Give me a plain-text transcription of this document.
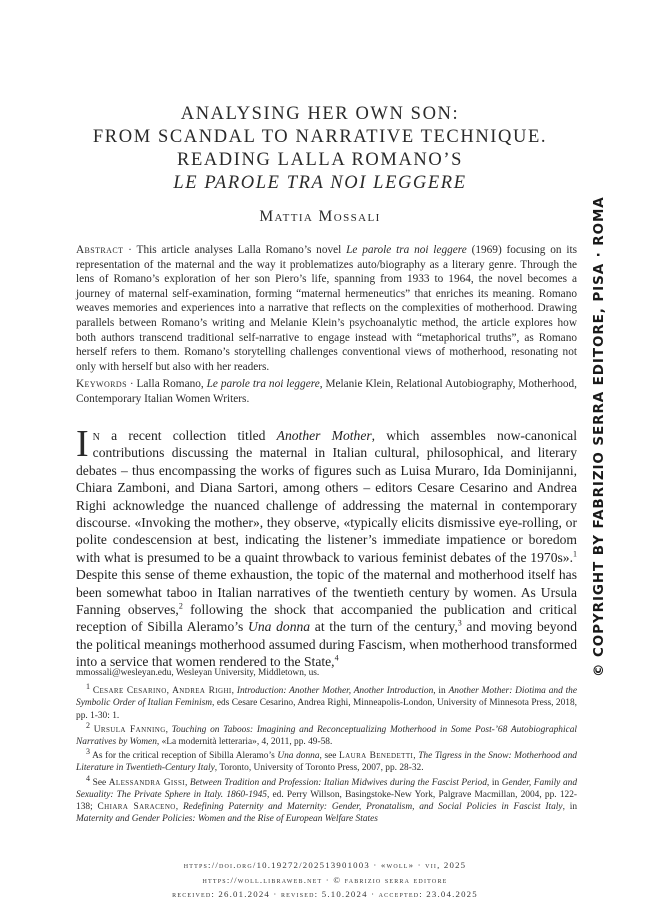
ANALYSING HER OWN SON:
FROM SCANDAL TO NARRATIVE TECHNIQUE.
READING LALLA ROMANO’S
LE PAROLE TRA NOI LEGGERE
Mattia Mossali
Abstract · This article analyses Lalla Romano’s novel Le parole tra noi leggere (1969) focusing on its representation of the maternal and the way it problematizes auto/biography as a literary genre. Through the lens of Romano’s exploration of her son Piero’s life, spanning from 1933 to 1964, the novel becomes a journey of maternal self-examination, forming “maternal hermeneutics” that enriches its meaning. Romano weaves memories and experiences into a narrative that reflects on the complexities of motherhood. Drawing parallels between Romano’s writing and Melanie Klein’s psychoanalytic method, the article explores how both authors transcend traditional self-narrative to engage instead with “metaphorical truths”, as Romano herself refers to them. Romano’s storytelling challenges conventional views of motherhood, resonating not only with herself but also with her readers.
Keywords · Lalla Romano, Le parole tra noi leggere, Melanie Klein, Relational Autobiography, Motherhood, Contemporary Italian Women Writers.
In a recent collection titled Another Mother, which assembles now-canonical contributions discussing the maternal in Italian cultural, philosophical, and literary debates – thus encompassing the works of figures such as Luisa Muraro, Ida Dominijanni, Chiara Zamboni, and Diana Sartori, among others – editors Cesare Cesarino and Andrea Righi acknowledge the nuanced challenge of addressing the maternal in contemporary discourse. «Invoking the mother», they observe, «typically elicits dismissive eye-rolling, or polite condescension at best, indicating the listener’s immediate impatience or boredom with what is presumed to be a quaint throwback to various feminist debates of the 1970s».$^1$ Despite this sense of theme exhaustion, the topic of the maternal and motherhood itself has been somewhat taboo in Italian narratives of the twentieth century by women. As Ursula Fanning observes,$^2$ following the shock that accompanied the publication and critical reception of Sibilla Aleramo’s Una donna at the turn of the century,$^3$ and moving beyond the political meanings motherhood assumed during Fascism, when motherhood transformed into a service that women rendered to the State,$^4$
mmossali@wesleyan.edu, Wesleyan University, Middletown, us.
$^1$ Cesare Cesarino, Andrea Righi, Introduction: Another Mother, Another Introduction, in Another Mother: Diotima and the Symbolic Order of Italian Feminism, eds Cesare Cesarino, Andrea Righi, Minneapolis-London, University of Minnesota Press, 2018, pp. 1-30: 1.
$^2$ Ursula Fanning, Touching on Taboos: Imagining and Reconceptualizing Motherhood in Some Post-’68 Autobiographical Narratives by Women, «La modernità letteraria», 4, 2011, pp. 49-58.
$^3$ As for the critical reception of Sibilla Aleramo’s Una donna, see Laura Benedetti, The Tigress in the Snow: Motherhood and Literature in Twentieth-Century Italy, Toronto, University of Toronto Press, 2007, pp. 28-32.
$^4$ See Alessandra Gissi, Between Tradition and Profession: Italian Midwives during the Fascist Period, in Gender, Family and Sexuality: The Private Sphere in Italy. 1860-1945, ed. Perry Willson, Basingstoke-New York, Palgrave Macmillan, 2004, pp. 122-138; Chiara Saraceno, Redefining Paternity and Maternity: Gender, Pronatalism, and Social Policies in Fascist Italy, in Maternity and Gender Policies: Women and the Rise of European Welfare States
https://doi.org/10.19272/202513901003 · «woll» · vii, 2025
https://woll.libraweb.net · © fabrizio serra editore
received: 26.01.2024 · revised: 5.10.2024 · accepted: 23.04.2025
© COPYRIGHT BY FABRIZIO SERRA EDITORE, PISA · ROMA
